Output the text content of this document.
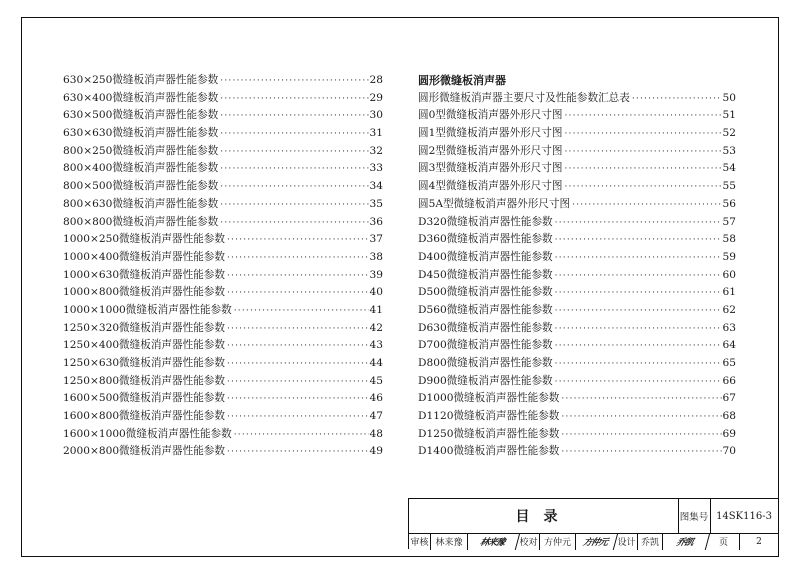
630×250微缝板消声器性能参数 ·····	28
630×400微缝板消声器性能参数 ·····	29
630×500微缝板消声器性能参数 ·····	30
630×630微缝板消声器性能参数 ·····	31
800×250微缝板消声器性能参数 ·····	32
800×400微缝板消声器性能参数 ·····	33
800×500微缝板消声器性能参数 ·····	34
800×630微缝板消声器性能参数 ·····	35
800×800微缝板消声器性能参数 ·····	36
1000×250微缝板消声器性能参数 ·····	37
1000×400微缝板消声器性能参数 ·····	38
1000×630微缝板消声器性能参数 ·····	39
1000×800微缝板消声器性能参数 ·····	40
1000×1000微缝板消声器性能参数 ·····	41
1250×320微缝板消声器性能参数 ·····	42
1250×400微缝板消声器性能参数 ·····	43
1250×630微缝板消声器性能参数 ·····	44
1250×800微缝板消声器性能参数 ·····	45
1600×500微缝板消声器性能参数 ·····	46
1600×800微缝板消声器性能参数 ·····	47
1600×1000微缝板消声器性能参数 ·····	48
2000×800微缝板消声器性能参数 ·····	49
圆形微缝板消声器
圆形微缝板消声器主要尺寸及性能参数汇总表 ·····	50
圆0型微缝板消声器外形尺寸图 ·····	51
圆1型微缝板消声器外形尺寸图 ·····	52
圆2型微缝板消声器外形尺寸图 ·····	53
圆3型微缝板消声器外形尺寸图 ·····	54
圆4型微缝板消声器外形尺寸图 ·····	55
圆5A型微缝板消声器外形尺寸图 ·····	56
D320微缝板消声器性能参数 ·····	57
D360微缝板消声器性能参数 ·····	58
D400微缝板消声器性能参数 ·····	59
D450微缝板消声器性能参数 ·····	60
D500微缝板消声器性能参数 ·····	61
D560微缝板消声器性能参数 ·····	62
D630微缝板消声器性能参数 ·····	63
D700微缝板消声器性能参数 ·····	64
D800微缝板消声器性能参数 ·····	65
D900微缝板消声器性能参数 ·····	66
D1000微缝板消声器性能参数 ·····	67
D1120微缝板消声器性能参数 ·····	68
D1250微缝板消声器性能参数 ·····	69
D1400微缝板消声器性能参数 ·····	70
目录	图集号 14SK116-3
审核 林来豫	林来豫	校对 方仲元	方仲元	设计 乔凯	乔凯	页	2
